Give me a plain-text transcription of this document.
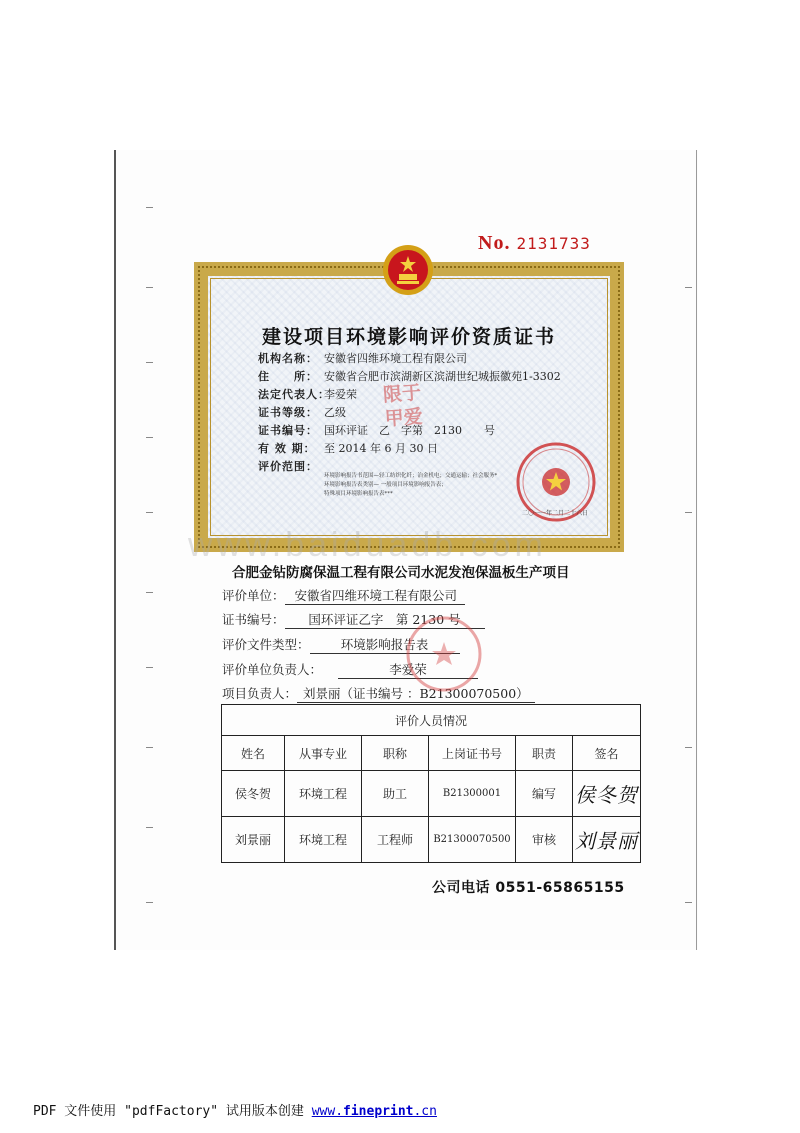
No. 2131733
建设项目环境影响评价资质证书
限于
甲爱
机构名称： 安徽省四维环境工程有限公司
住　　所： 安徽省合肥市滨湖新区滨湖世纪城振徽苑1-3302
法定代表人：李爱荣
证书等级： 乙级
证书编号： 国环评证　乙　字第　2130　　号
有 效 期： 至 2014 年 6 月 30 日
评价范围：
环境影响报告书范围—轻工纺织化纤；冶金机电；交通运输；社会服务*
环境影响报告表类别— 一般项目环境影响报告表；
特殊项目环境影响报告表***
二〇一一年二月二十六日
www.baiduadb.com
合肥金钻防腐保温工程有限公司水泥发泡保温板生产项目
评价单位： 安徽省四维环境工程有限公司
证书编号： 国环评证乙字　第 2130 号
评价文件类型： 环境影响报告表
评价单位负责人：	李爱荣
项目负责人： 刘景丽（证书编号 ：B21300070500）
评价人员情况					
姓名	从事专业	职称	上岗证书号	职责	签名
侯冬贺	环境工程	助工	B21300001	编写	侯冬贺
刘景丽	环境工程	工程师	B21300070500	审核	刘景丽
公司电话 0551-65865155
PDF 文件使用 "pdfFactory" 试用版本创建 www.fineprint.cn
